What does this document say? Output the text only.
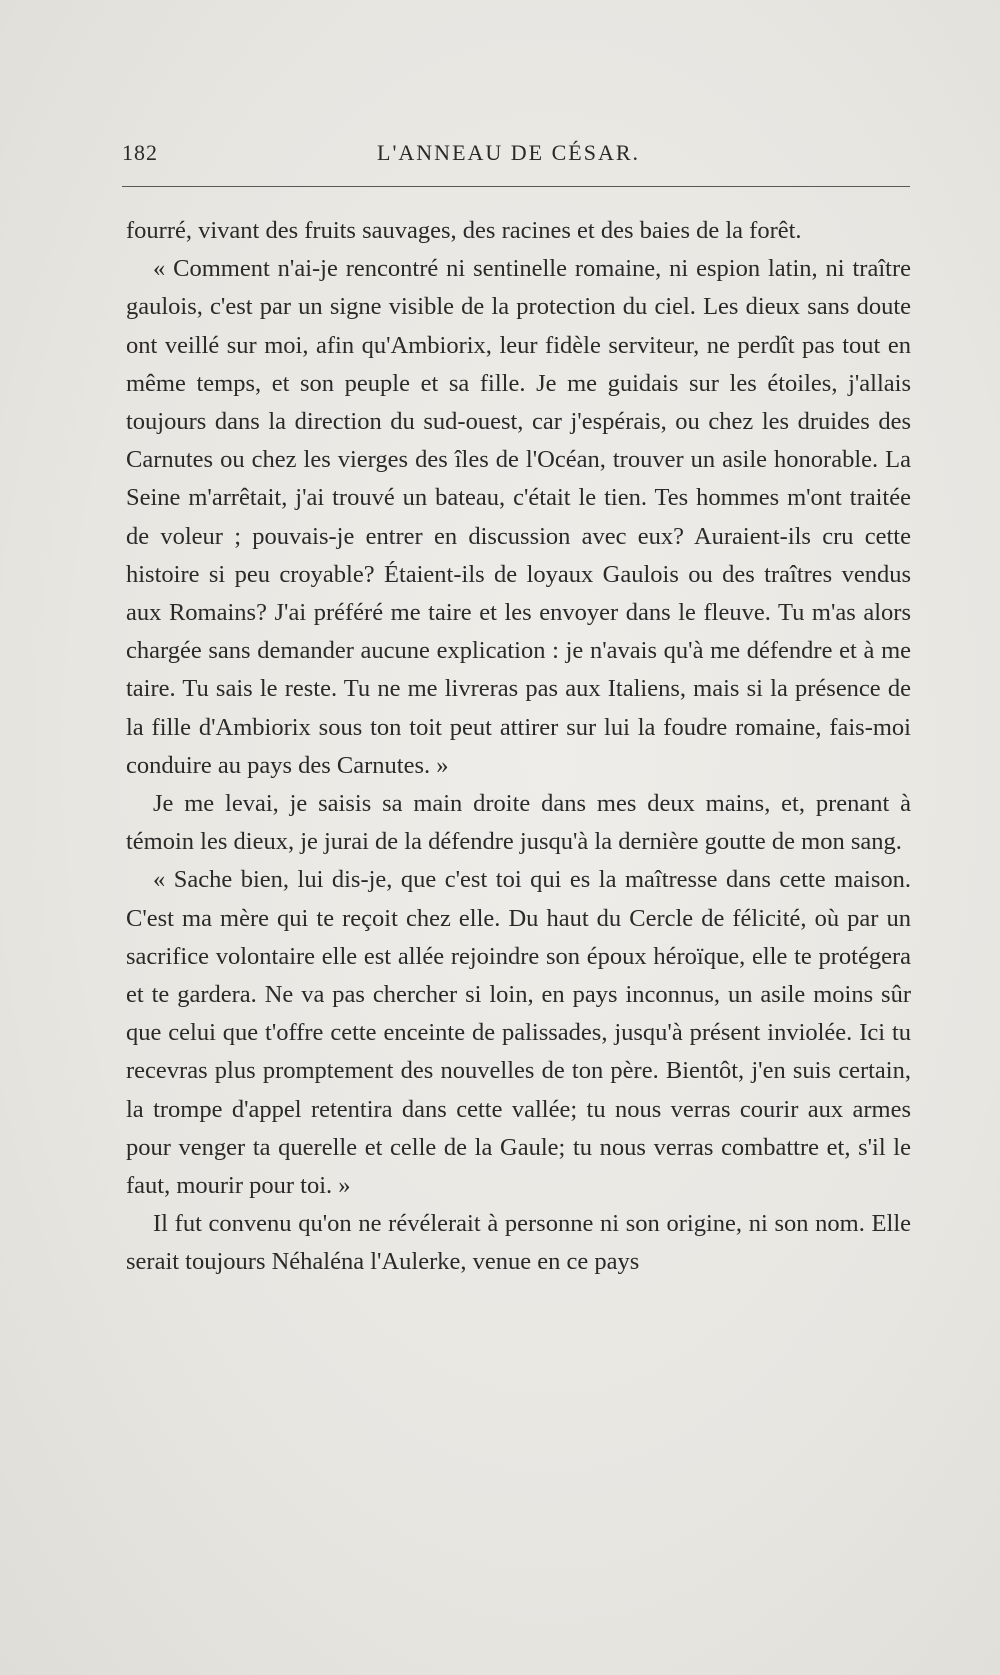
182	L'ANNEAU DE CÉSAR.

fourré, vivant des fruits sauvages, des racines et des baies de la forêt.

« Comment n'ai-je rencontré ni sentinelle romaine, ni espion latin, ni traître gaulois, c'est par un signe visible de la protection du ciel. Les dieux sans doute ont veillé sur moi, afin qu'Ambiorix, leur fidèle serviteur, ne perdît pas tout en même temps, et son peuple et sa fille. Je me guidais sur les étoiles, j'allais toujours dans la direction du sud-ouest, car j'espérais, ou chez les druides des Carnutes ou chez les vierges des îles de l'Océan, trouver un asile honorable. La Seine m'arrêtait, j'ai trouvé un bateau, c'était le tien. Tes hommes m'ont traitée de voleur ; pouvais-je entrer en discussion avec eux? Auraient-ils cru cette histoire si peu croyable? Étaient-ils de loyaux Gaulois ou des traîtres vendus aux Romains? J'ai préféré me taire et les envoyer dans le fleuve. Tu m'as alors chargée sans demander aucune explication : je n'avais qu'à me défendre et à me taire. Tu sais le reste. Tu ne me livreras pas aux Italiens, mais si la présence de la fille d'Ambiorix sous ton toit peut attirer sur lui la foudre romaine, fais-moi conduire au pays des Carnutes. »

Je me levai, je saisis sa main droite dans mes deux mains, et, prenant à témoin les dieux, je jurai de la défendre jusqu'à la dernière goutte de mon sang.

« Sache bien, lui dis-je, que c'est toi qui es la maîtresse dans cette maison. C'est ma mère qui te reçoit chez elle. Du haut du Cercle de félicité, où par un sacrifice volontaire elle est allée rejoindre son époux héroïque, elle te protégera et te gardera. Ne va pas chercher si loin, en pays inconnus, un asile moins sûr que celui que t'offre cette enceinte de palissades, jusqu'à présent inviolée. Ici tu recevras plus promptement des nouvelles de ton père. Bientôt, j'en suis certain, la trompe d'appel retentira dans cette vallée; tu nous verras courir aux armes pour venger ta querelle et celle de la Gaule; tu nous verras combattre et, s'il le faut, mourir pour toi. »

Il fut convenu qu'on ne révélerait à personne ni son origine, ni son nom. Elle serait toujours Néhaléna l'Aulerke, venue en ce pays
